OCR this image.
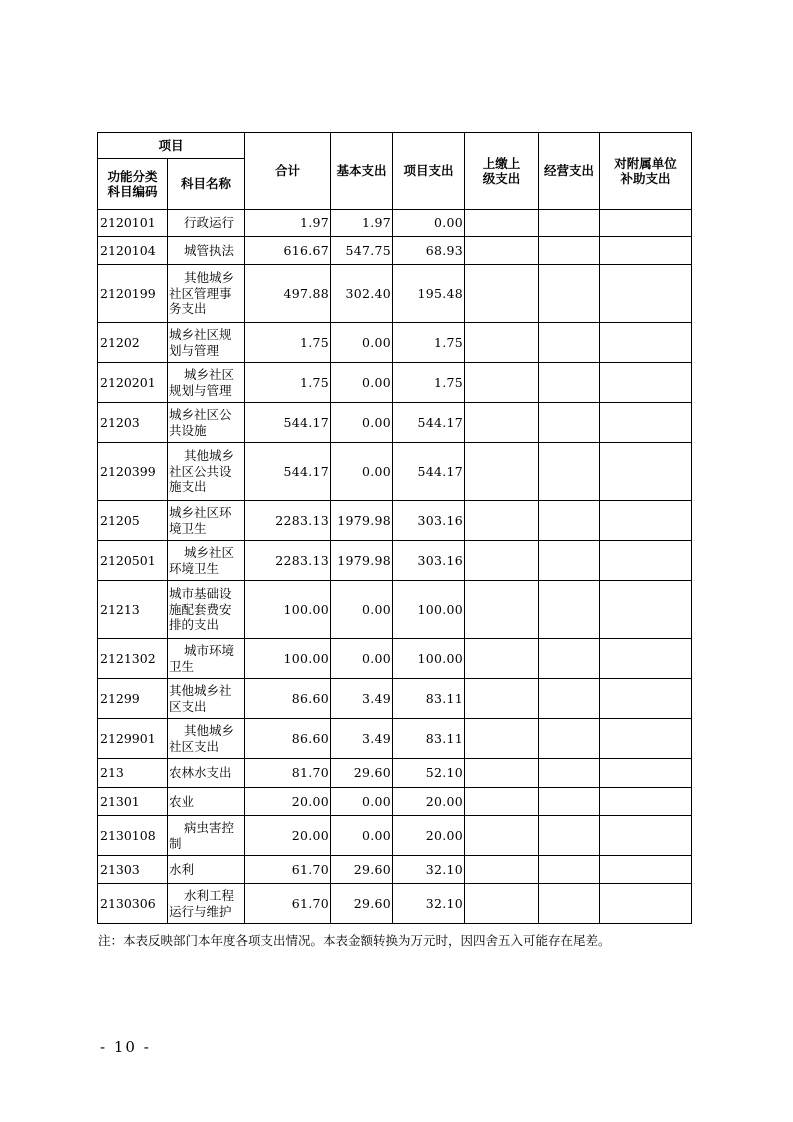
项目		合计	基本支出	项目支出	上缴上级支出	经营支出	对附属单位补助支出

功能分类科目编码	科目名称						
2120101	行政运行	1.97	1.97	0.00			
2120104	城管执法	616.67	547.75	68.93			
2120199	其他城乡社区管理事务支出	497.88	302.40	195.48			
21202	城乡社区规划与管理	1.75	0.00	1.75			
2120201	城乡社区规划与管理	1.75	0.00	1.75			
21203	城乡社区公共设施	544.17	0.00	544.17			
2120399	其他城乡社区公共设施支出	544.17	0.00	544.17			
21205	城乡社区环境卫生	2283.13	1979.98	303.16			
2120501	城乡社区环境卫生	2283.13	1979.98	303.16			
21213	城市基础设施配套费安排的支出	100.00	0.00	100.00			
2121302	城市环境卫生	100.00	0.00	100.00			
21299	其他城乡社区支出	86.60	3.49	83.11			
2129901	其他城乡社区支出	86.60	3.49	83.11			
213	农林水支出	81.70	29.60	52.10			
21301	农业	20.00	0.00	20.00			
2130108	病虫害控制	20.00	0.00	20.00			
21303	水利	61.70	29.60	32.10			
2130306	水利工程运行与维护	61.70	29.60	32.10			
注：本表反映部门本年度各项支出情况。本表金额转换为万元时，因四舍五入可能存在尾差。
- 10 -
